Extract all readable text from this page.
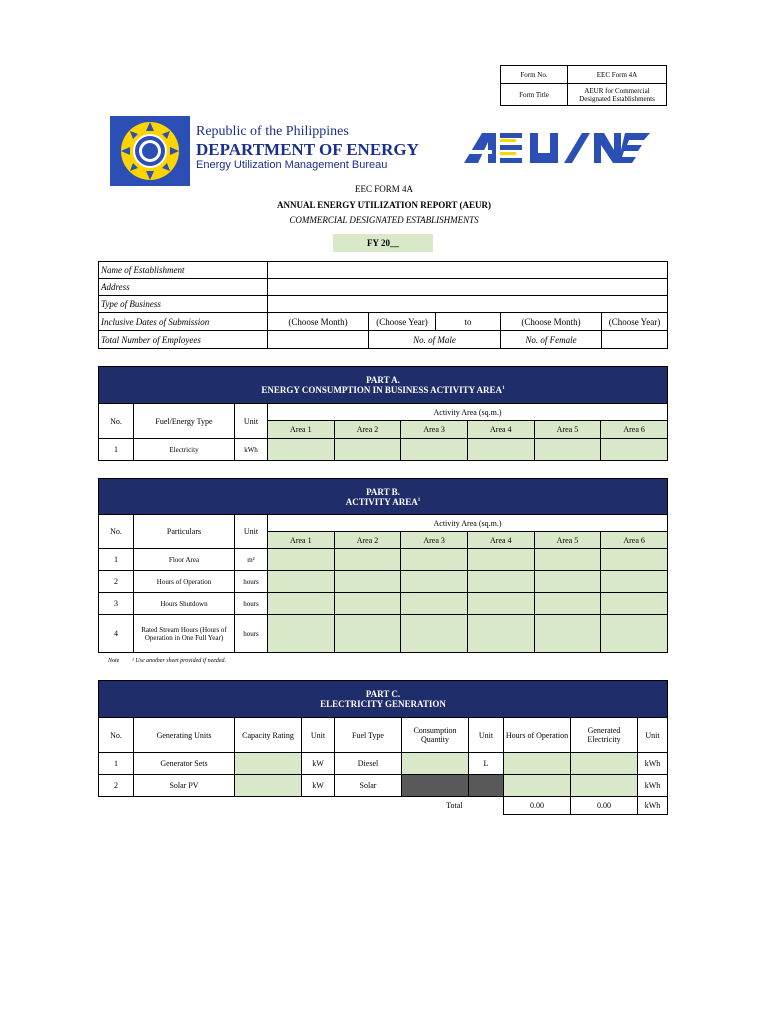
Form No.	EEC Form 4A
Form Title	AEUR for Commercial
Designated Establishments
Republic of the Philippines
DEPARTMENT OF ENERGY
Energy Utilization Management Bureau
EEC FORM 4A
ANNUAL ENERGY UTILIZATION REPORT (AEUR)
COMMERCIAL DESIGNATED ESTABLISHMENTS
FY 20__
Name of Establishment					
Address					
Type of Business					
Inclusive Dates of Submission	(Choose Month)	(Choose Year)	to	(Choose Month)	(Choose Year)
Total Number of Employees		No. of Male		No. of Female	
PART A.
ENERGY CONSUMPTION IN BUSINESS ACTIVITY AREA$^1$

No.	Fuel/Energy Type	Unit	Activity Area (sq.m.)					
			Area 1	Area 2	Area 3	Area 4	Area 5	Area 6
1	Electricity	kWh						
PART B.
ACTIVITY AREA$^1$

No.	Particulars	Unit	Activity Area (sq.m.)					
			Area 1	Area 2	Area 3	Area 4	Area 5	Area 6
1	Floor Area	m²						
2	Hours of Operation	hours						
3	Hours Shutdown	hours						
4	Rated Stream Hours (Hours of Operation in One Full Year)	hours						
Note ¹ Use another sheet provided if needed.
PART C.
ELECTRICITY GENERATION									

No.	Generating Units	Capacity Rating	Unit	Fuel Type	Consumption Quantity	Unit	Hours of Operation	Generated Electricity	Unit
1	Generator Sets		kW	Diesel		L			kWh
2	Solar PV		kW	Solar					kWh
Total							0.00	0.00	kWh
